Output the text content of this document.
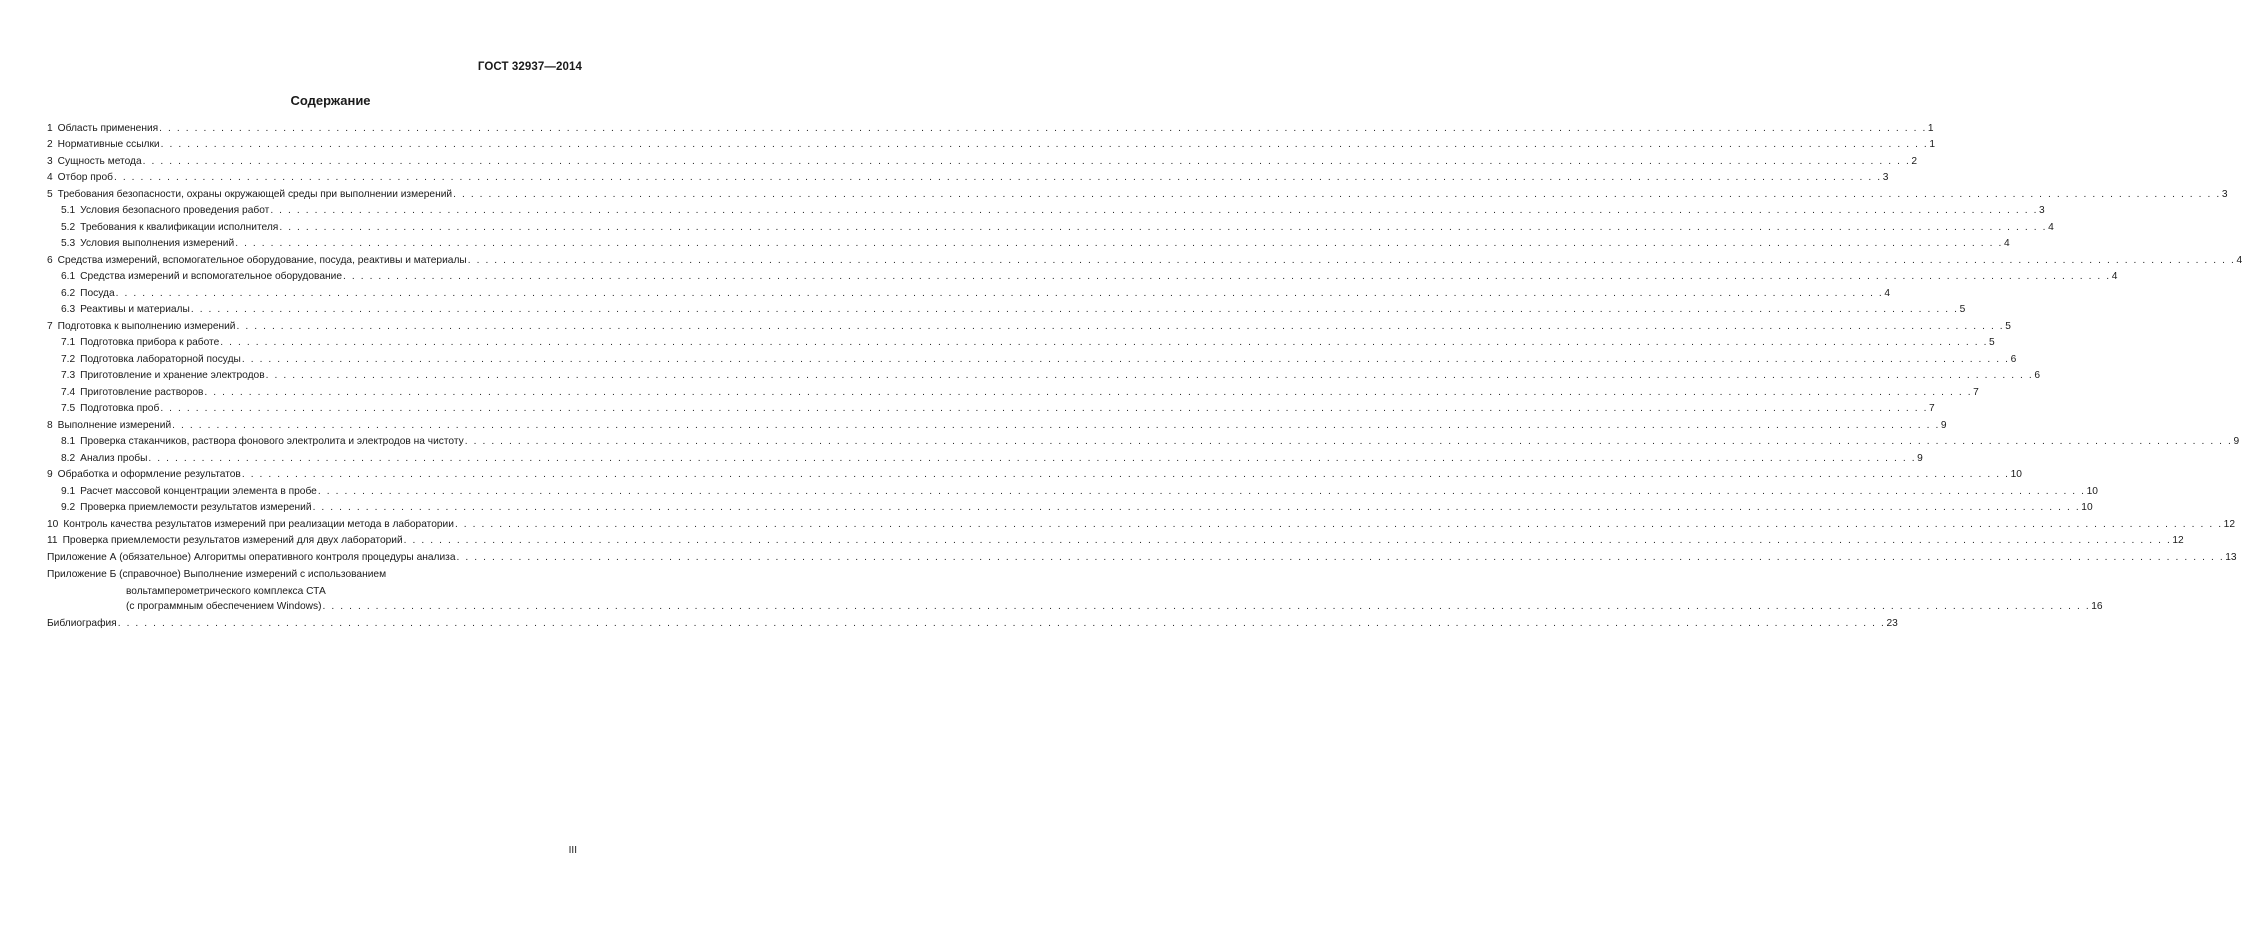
ГОСТ 32937—2014
Содержание
1 Область применения . . . . . . . . . . . . . . . . . . . . . . . . . . . . . . . . . . . . . . . . . . . . . . . . . . . . . . . . . . . . . . . . . . . . . . . . . . . . . . . . . . . . . . . . . . . . . . . . . . . . . . . . . . . . . . . . . . . . . . . . . . . . . . . . . . . . . . . . . . . . . . . . . . . . . . . . . . . . . . . . . . . . . . . . . . . . . . . . . . . . . . . . . . . . . . . . . . . . . . . . 1
2 Нормативные ссылки . . . . . . . . . . . . . . . . . . . . . . . . . . . . . . . . . . . . . . . . . . . . . . . . . . . . . . . . . . . . . . . . . . . . . . . . . . . . . . . . . . . . . . . . . . . . . . . . . . . . . . . . . . . . . . . . . . . . . . . . . . . . . . . . . . . . . . . . . . . . . . . . . . . . . . . . . . . . . . . . . . . . . . . . . . . . . . . . . . . . . . . . . . . . . . . . . . . . . . . . 1
3 Сущность метода . . . . . . . . . . . . . . . . . . . . . . . . . . . . . . . . . . . . . . . . . . . . . . . . . . . . . . . . . . . . . . . . . . . . . . . . . . . . . . . . . . . . . . . . . . . . . . . . . . . . . . . . . . . . . . . . . . . . . . . . . . . . . . . . . . . . . . . . . . . . . . . . . . . . . . . . . . . . . . . . . . . . . . . . . . . . . . . . . . . . . . . . . . . . . . . . . . . . . . . . 2
4 Отбор проб . . . . . . . . . . . . . . . . . . . . . . . . . . . . . . . . . . . . . . . . . . . . . . . . . . . . . . . . . . . . . . . . . . . . . . . . . . . . . . . . . . . . . . . . . . . . . . . . . . . . . . . . . . . . . . . . . . . . . . . . . . . . . . . . . . . . . . . . . . . . . . . . . . . . . . . . . . . . . . . . . . . . . . . . . . . . . . . . . . . . . . . . . . . . . . . . . . . . . . . . 3
5 Требования безопасности, охраны окружающей среды при выполнении измерений . . . . . . . . . . . . . . . . . . . . . . . . . . . . . . . . . . . . . . . . . . . . . . . . . . . . . . . . . . . . . . . . . . . . . . . . . . . . . . . . . . . . . . . . . . . . . . . . . . . . . . . . . . . . . . . . . . . . . . . . . . . . . . . . . . . . . . . . . . . . . . . . . . . . . . . . . . . . . . . . . . . . . . . . . . . . . . . . . . . . . . . . . . . . . . . . . . . . . . . . 3
5.1 Условия безопасного проведения работ . . . . . . . . . . . . . . . . . . . . . . . . . . . . . . . . . . . . . . . . . . . . . . . . . . . . . . . . . . . . . . . . . . . . . . . . . . . . . . . . . . . . . . . . . . . . . . . . . . . . . . . . . . . . . . . . . . . . . . . . . . . . . . . . . . . . . . . . . . . . . . . . . . . . . . . . . . . . . . . . . . . . . . . . . . . . . . . . . . . . . . . . . . . . . . . . . . . . . . . . 3
5.2 Требования к квалификации исполнителя . . . . . . . . . . . . . . . . . . . . . . . . . . . . . . . . . . . . . . . . . . . . . . . . . . . . . . . . . . . . . . . . . . . . . . . . . . . . . . . . . . . . . . . . . . . . . . . . . . . . . . . . . . . . . . . . . . . . . . . . . . . . . . . . . . . . . . . . . . . . . . . . . . . . . . . . . . . . . . . . . . . . . . . . . . . . . . . . . . . . . . . . . . . . . . . . . . . . . . . . 4
5.3 Условия выполнения измерений . . . . . . . . . . . . . . . . . . . . . . . . . . . . . . . . . . . . . . . . . . . . . . . . . . . . . . . . . . . . . . . . . . . . . . . . . . . . . . . . . . . . . . . . . . . . . . . . . . . . . . . . . . . . . . . . . . . . . . . . . . . . . . . . . . . . . . . . . . . . . . . . . . . . . . . . . . . . . . . . . . . . . . . . . . . . . . . . . . . . . . . . . . . . . . . . . . . . . . . . 4
6 Средства измерений, вспомогательное оборудование, посуда, реактивы и материалы . . . . . . . . . . . . . . . . . . . . . . . . . . . . . . . . . . . . . . . . . . . . . . . . . . . . . . . . . . . . . . . . . . . . . . . . . . . . . . . . . . . . . . . . . . . . . . . . . . . . . . . . . . . . . . . . . . . . . . . . . . . . . . . . . . . . . . . . . . . . . . . . . . . . . . . . . . . . . . . . . . . . . . . . . . . . . . . . . . . . . . . . . . . . . . . . . . . . . . . . 4
6.1 Средства измерений и вспомогательное оборудование . . . . . . . . . . . . . . . . . . . . . . . . . . . . . . . . . . . . . . . . . . . . . . . . . . . . . . . . . . . . . . . . . . . . . . . . . . . . . . . . . . . . . . . . . . . . . . . . . . . . . . . . . . . . . . . . . . . . . . . . . . . . . . . . . . . . . . . . . . . . . . . . . . . . . . . . . . . . . . . . . . . . . . . . . . . . . . . . . . . . . . . . . . . . . . . . . . . . . . . . 4
6.2 Посуда . . . . . . . . . . . . . . . . . . . . . . . . . . . . . . . . . . . . . . . . . . . . . . . . . . . . . . . . . . . . . . . . . . . . . . . . . . . . . . . . . . . . . . . . . . . . . . . . . . . . . . . . . . . . . . . . . . . . . . . . . . . . . . . . . . . . . . . . . . . . . . . . . . . . . . . . . . . . . . . . . . . . . . . . . . . . . . . . . . . . . . . . . . . . . . . . . . . . . . . . 4
6.3 Реактивы и материалы . . . . . . . . . . . . . . . . . . . . . . . . . . . . . . . . . . . . . . . . . . . . . . . . . . . . . . . . . . . . . . . . . . . . . . . . . . . . . . . . . . . . . . . . . . . . . . . . . . . . . . . . . . . . . . . . . . . . . . . . . . . . . . . . . . . . . . . . . . . . . . . . . . . . . . . . . . . . . . . . . . . . . . . . . . . . . . . . . . . . . . . . . . . . . . . . . . . . . . . . 5
7 Подготовка к выполнению измерений . . . . . . . . . . . . . . . . . . . . . . . . . . . . . . . . . . . . . . . . . . . . . . . . . . . . . . . . . . . . . . . . . . . . . . . . . . . . . . . . . . . . . . . . . . . . . . . . . . . . . . . . . . . . . . . . . . . . . . . . . . . . . . . . . . . . . . . . . . . . . . . . . . . . . . . . . . . . . . . . . . . . . . . . . . . . . . . . . . . . . . . . . . . . . . . . . . . . . . . . 5
7.1 Подготовка прибора к работе . . . . . . . . . . . . . . . . . . . . . . . . . . . . . . . . . . . . . . . . . . . . . . . . . . . . . . . . . . . . . . . . . . . . . . . . . . . . . . . . . . . . . . . . . . . . . . . . . . . . . . . . . . . . . . . . . . . . . . . . . . . . . . . . . . . . . . . . . . . . . . . . . . . . . . . . . . . . . . . . . . . . . . . . . . . . . . . . . . . . . . . . . . . . . . . . . . . . . . . . 5
7.2 Подготовка лабораторной посуды . . . . . . . . . . . . . . . . . . . . . . . . . . . . . . . . . . . . . . . . . . . . . . . . . . . . . . . . . . . . . . . . . . . . . . . . . . . . . . . . . . . . . . . . . . . . . . . . . . . . . . . . . . . . . . . . . . . . . . . . . . . . . . . . . . . . . . . . . . . . . . . . . . . . . . . . . . . . . . . . . . . . . . . . . . . . . . . . . . . . . . . . . . . . . . . . . . . . . . . . 6
7.3 Приготовление и хранение электродов . . . . . . . . . . . . . . . . . . . . . . . . . . . . . . . . . . . . . . . . . . . . . . . . . . . . . . . . . . . . . . . . . . . . . . . . . . . . . . . . . . . . . . . . . . . . . . . . . . . . . . . . . . . . . . . . . . . . . . . . . . . . . . . . . . . . . . . . . . . . . . . . . . . . . . . . . . . . . . . . . . . . . . . . . . . . . . . . . . . . . . . . . . . . . . . . . . . . . . . . 6
7.4 Приготовление растворов . . . . . . . . . . . . . . . . . . . . . . . . . . . . . . . . . . . . . . . . . . . . . . . . . . . . . . . . . . . . . . . . . . . . . . . . . . . . . . . . . . . . . . . . . . . . . . . . . . . . . . . . . . . . . . . . . . . . . . . . . . . . . . . . . . . . . . . . . . . . . . . . . . . . . . . . . . . . . . . . . . . . . . . . . . . . . . . . . . . . . . . . . . . . . . . . . . . . . . . . 7
7.5 Подготовка проб . . . . . . . . . . . . . . . . . . . . . . . . . . . . . . . . . . . . . . . . . . . . . . . . . . . . . . . . . . . . . . . . . . . . . . . . . . . . . . . . . . . . . . . . . . . . . . . . . . . . . . . . . . . . . . . . . . . . . . . . . . . . . . . . . . . . . . . . . . . . . . . . . . . . . . . . . . . . . . . . . . . . . . . . . . . . . . . . . . . . . . . . . . . . . . . . . . . . . . . . 7
8 Выполнение измерений . . . . . . . . . . . . . . . . . . . . . . . . . . . . . . . . . . . . . . . . . . . . . . . . . . . . . . . . . . . . . . . . . . . . . . . . . . . . . . . . . . . . . . . . . . . . . . . . . . . . . . . . . . . . . . . . . . . . . . . . . . . . . . . . . . . . . . . . . . . . . . . . . . . . . . . . . . . . . . . . . . . . . . . . . . . . . . . . . . . . . . . . . . . . . . . . . . . . . . . . 9
8.1 Проверка стаканчиков, раствора фонового электролита и электродов на чистоту . . . . . . . . . . . . . . . . . . . . . . . . . . . . . . . . . . . . . . . . . . . . . . . . . . . . . . . . . . . . . . . . . . . . . . . . . . . . . . . . . . . . . . . . . . . . . . . . . . . . . . . . . . . . . . . . . . . . . . . . . . . . . . . . . . . . . . . . . . . . . . . . . . . . . . . . . . . . . . . . . . . . . . . . . . . . . . . . . . . . . . . . . . . . . . . . . . . . . . . . 9
8.2 Анализ пробы . . . . . . . . . . . . . . . . . . . . . . . . . . . . . . . . . . . . . . . . . . . . . . . . . . . . . . . . . . . . . . . . . . . . . . . . . . . . . . . . . . . . . . . . . . . . . . . . . . . . . . . . . . . . . . . . . . . . . . . . . . . . . . . . . . . . . . . . . . . . . . . . . . . . . . . . . . . . . . . . . . . . . . . . . . . . . . . . . . . . . . . . . . . . . . . . . . . . . . . . 9
9 Обработка и оформление результатов . . . . . . . . . . . . . . . . . . . . . . . . . . . . . . . . . . . . . . . . . . . . . . . . . . . . . . . . . . . . . . . . . . . . . . . . . . . . . . . . . . . . . . . . . . . . . . . . . . . . . . . . . . . . . . . . . . . . . . . . . . . . . . . . . . . . . . . . . . . . . . . . . . . . . . . . . . . . . . . . . . . . . . . . . . . . . . . . . . . . . . . . . . . . . . . . . . . . . . . . 10
9.1 Расчет массовой концентрации элемента в пробе . . . . . . . . . . . . . . . . . . . . . . . . . . . . . . . . . . . . . . . . . . . . . . . . . . . . . . . . . . . . . . . . . . . . . . . . . . . . . . . . . . . . . . . . . . . . . . . . . . . . . . . . . . . . . . . . . . . . . . . . . . . . . . . . . . . . . . . . . . . . . . . . . . . . . . . . . . . . . . . . . . . . . . . . . . . . . . . . . . . . . . . . . . . . . . . . . . . . . . . . 10
9.2 Проверка приемлемости результатов измерений . . . . . . . . . . . . . . . . . . . . . . . . . . . . . . . . . . . . . . . . . . . . . . . . . . . . . . . . . . . . . . . . . . . . . . . . . . . . . . . . . . . . . . . . . . . . . . . . . . . . . . . . . . . . . . . . . . . . . . . . . . . . . . . . . . . . . . . . . . . . . . . . . . . . . . . . . . . . . . . . . . . . . . . . . . . . . . . . . . . . . . . . . . . . . . . . . . . . . . . . 10
10 Контроль качества результатов измерений при реализации метода в лаборатории . . . . . . . . . . . . . . . . . . . . . . . . . . . . . . . . . . . . . . . . . . . . . . . . . . . . . . . . . . . . . . . . . . . . . . . . . . . . . . . . . . . . . . . . . . . . . . . . . . . . . . . . . . . . . . . . . . . . . . . . . . . . . . . . . . . . . . . . . . . . . . . . . . . . . . . . . . . . . . . . . . . . . . . . . . . . . . . . . . . . . . . . . . . . . . . . . . . . . . . . 12
11 Проверка приемлемости результатов измерений для двух лабораторий . . . . . . . . . . . . . . . . . . . . . . . . . . . . . . . . . . . . . . . . . . . . . . . . . . . . . . . . . . . . . . . . . . . . . . . . . . . . . . . . . . . . . . . . . . . . . . . . . . . . . . . . . . . . . . . . . . . . . . . . . . . . . . . . . . . . . . . . . . . . . . . . . . . . . . . . . . . . . . . . . . . . . . . . . . . . . . . . . . . . . . . . . . . . . . . . . . . . . . . . 12
Приложение А (обязательное) Алгоритмы оперативного контроля процедуры анализа . . . . . . . . . . . . . . . . . . . . . . . . . . . . . . . . . . . . . . . . . . . . . . . . . . . . . . . . . . . . . . . . . . . . . . . . . . . . . . . . . . . . . . . . . . . . . . . . . . . . . . . . . . . . . . . . . . . . . . . . . . . . . . . . . . . . . . . . . . . . . . . . . . . . . . . . . . . . . . . . . . . . . . . . . . . . . . . . . . . . . . . . . . . . . . . . . . . . . . . . 13
Приложение Б (справочное) Выполнение измерений с использованием
вольтамперометрического комплекса СТА
(с программным обеспечением Windows) . . . . . . . . . . . . . . . . . . . . . . . . . . . . . . . . . . . . . . . . . . . . . . . . . . . . . . . . . . . . . . . . . . . . . . . . . . . . . . . . . . . . . . . . . . . . . . . . . . . . . . . . . . . . . . . . . . . . . . . . . . . . . . . . . . . . . . . . . . . . . . . . . . . . . . . . . . . . . . . . . . . . . . . . . . . . . . . . . . . . . . . . . . . . . . . . . . . . . . . . 16
Библиография . . . . . . . . . . . . . . . . . . . . . . . . . . . . . . . . . . . . . . . . . . . . . . . . . . . . . . . . . . . . . . . . . . . . . . . . . . . . . . . . . . . . . . . . . . . . . . . . . . . . . . . . . . . . . . . . . . . . . . . . . . . . . . . . . . . . . . . . . . . . . . . . . . . . . . . . . . . . . . . . . . . . . . . . . . . . . . . . . . . . . . . . . . . . . . . . . . . . . . . . 23
III
